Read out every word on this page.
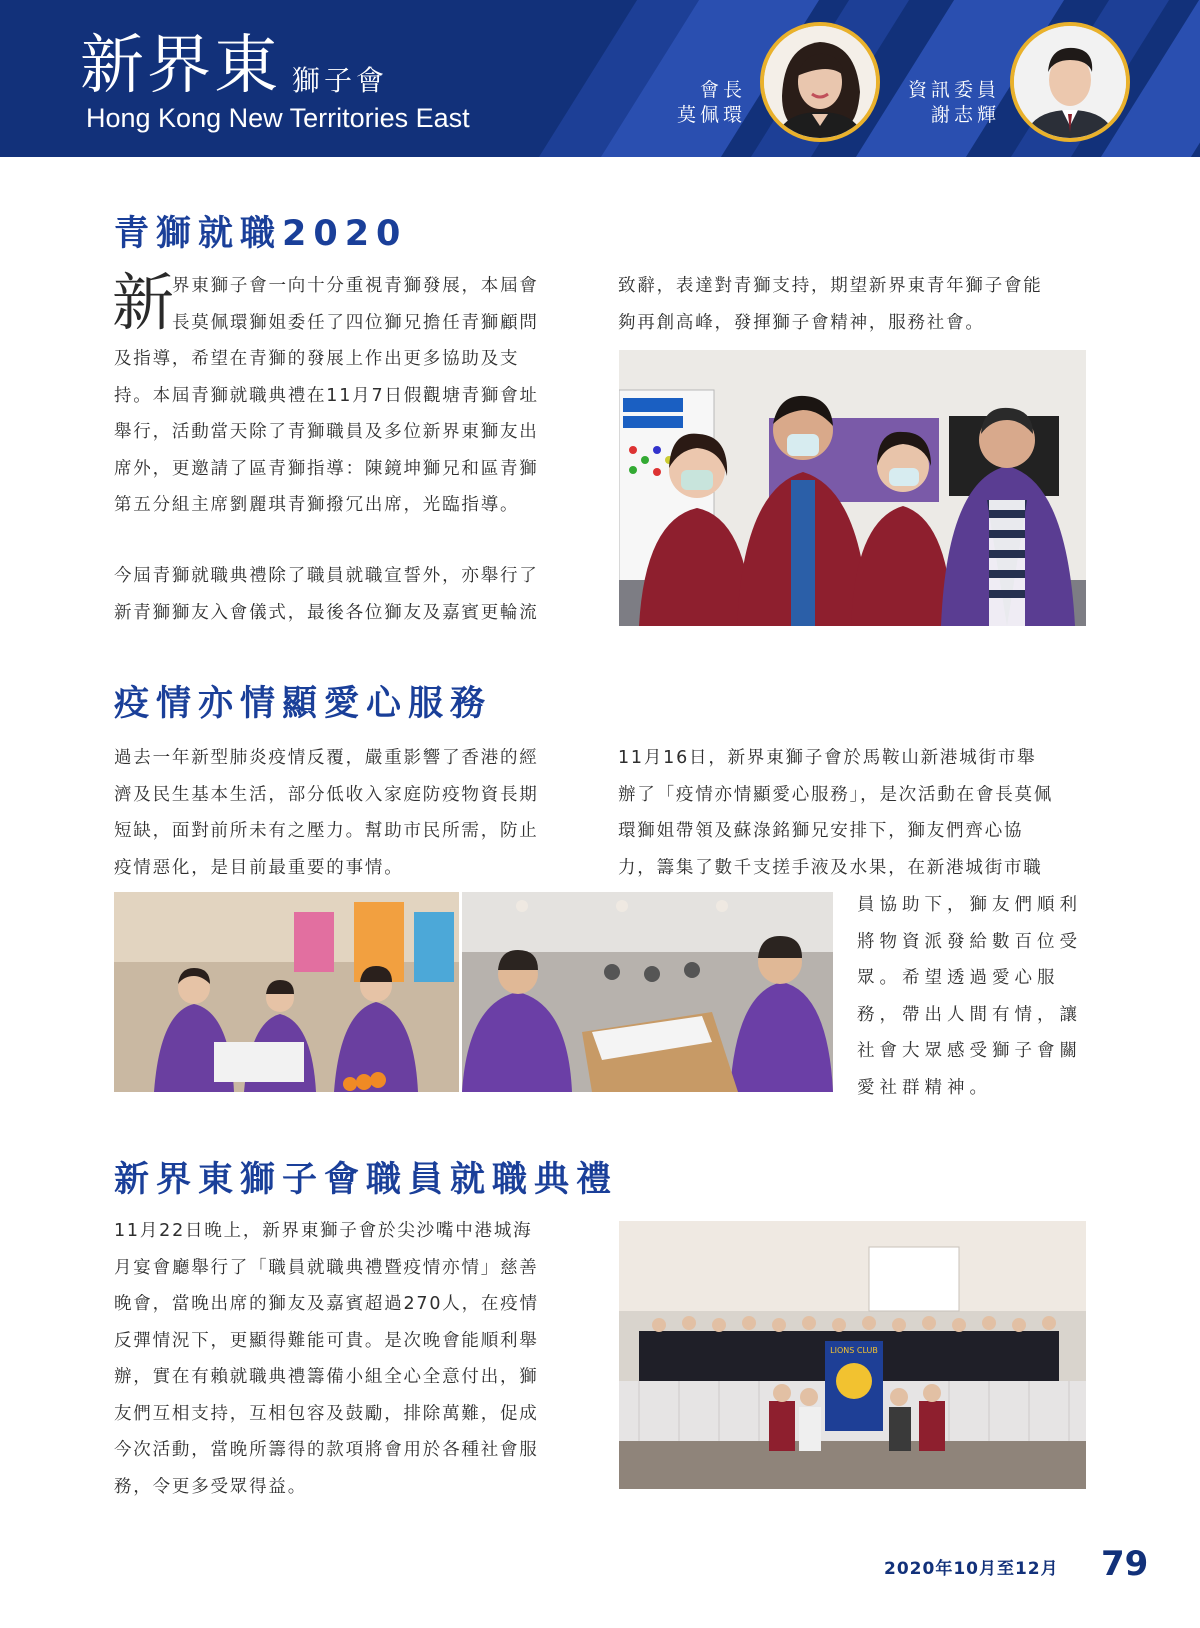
新界東 獅子會
Hong Kong New Territories East
會長
莫佩環
資訊委員
謝志輝
青獅就職2020
新

界東獅子會一向十分重視青獅發展，本屆會
長莫佩環獅姐委任了四位獅兄擔任青獅顧問

及指導，希望在青獅的發展上作出更多協助及支
持。本屆青獅就職典禮在11月7日假觀塘青獅會址
舉行，活動當天除了青獅職員及多位新界東獅友出
席外，更邀請了區青獅指導：陳鏡坤獅兄和區青獅
第五分組主席劉麗琪青獅撥冗出席，光臨指導。

今屆青獅就職典禮除了職員就職宣誓外，亦舉行了
新青獅獅友入會儀式，最後各位獅友及嘉賓更輪流

致辭，表達對青獅支持，期望新界東青年獅子會能
夠再創高峰，發揮獅子會精神，服務社會。

疫情亦情顯愛心服務

過去一年新型肺炎疫情反覆，嚴重影響了香港的經
濟及民生基本生活，部分低收入家庭防疫物資長期
短缺，面對前所未有之壓力。幫助市民所需，防止
疫情惡化，是目前最重要的事情。

11月16日，新界東獅子會於馬鞍山新港城街市舉
辦了「疫情亦情顯愛心服務」，是次活動在會長莫佩
環獅姐帶領及蘇淥銘獅兄安排下，獅友們齊心協
力，籌集了數千支搓手液及水果，在新港城街市職

員協助下，獅友們順利
將物資派發給數百位受
眾。希望透過愛心服
務，帶出人間有情，讓
社會大眾感受獅子會關
愛社群精神。

新界東獅子會職員就職典禮

11月22日晚上，新界東獅子會於尖沙嘴中港城海
月宴會廳舉行了「職員就職典禮暨疫情亦情」慈善
晚會，當晚出席的獅友及嘉賓超過270人，在疫情
反彈情況下，更顯得難能可貴。是次晚會能順利舉
辦，實在有賴就職典禮籌備小組全心全意付出，獅
友們互相支持，互相包容及鼓勵，排除萬難，促成
今次活動，當晚所籌得的款項將會用於各種社會服
務，令更多受眾得益。

LIONS CLUB
2020年10月至12月 79
